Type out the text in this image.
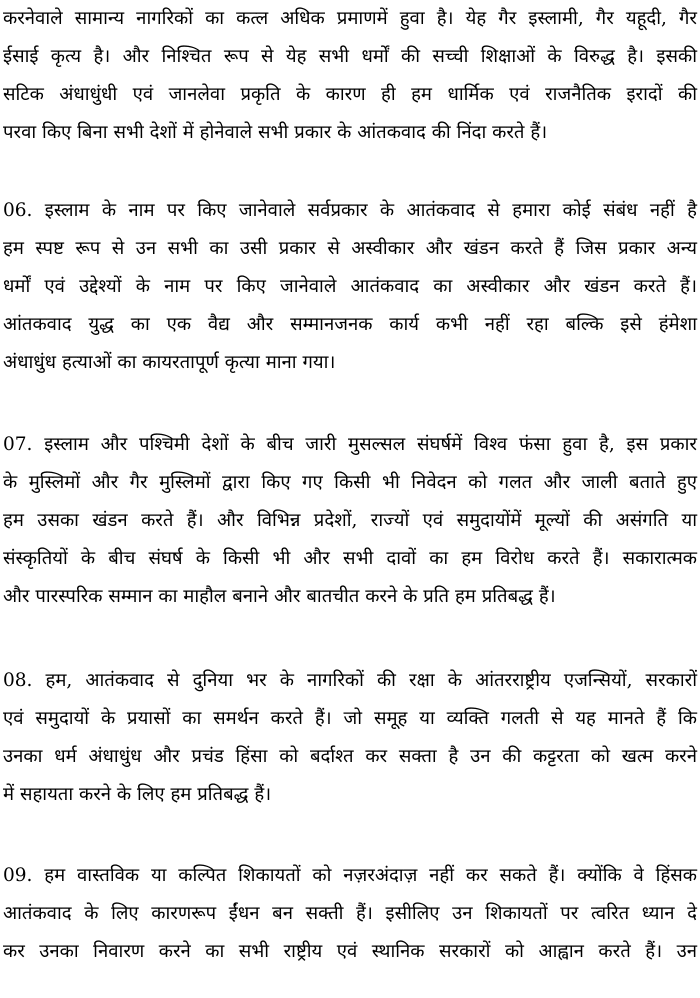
करनेवाले सामान्य नागरिकों का कत्ल अधिक प्रमाणमें हुवा है। येह गैर इस्लामी, गैर यहूदी, गैर
ईसाई कृत्य है। और निश्चित रूप से येह सभी धर्मों की सच्ची शिक्षाओं के विरुद्ध है। इसकी
सटिक अंधाधुंधी एवं जानलेवा प्रकृति के कारण ही हम धार्मिक एवं राजनैतिक इरादों की
परवा किए बिना सभी देशों में होनेवाले सभी प्रकार के आंतकवाद की निंदा करते हैं।
06. इस्लाम के नाम पर किए जानेवाले सर्वप्रकार के आतंकवाद से हमारा कोई संबंध नहीं है
हम स्पष्ट रूप से उन सभी का उसी प्रकार से अस्वीकार और खंडन करते हैं जिस प्रकार अन्य
धर्मों एवं उद्देश्यों के नाम पर किए जानेवाले आतंकवाद का अस्वीकार और खंडन करते हैं।
आंतकवाद युद्ध का एक वैद्य और सम्मानजनक कार्य कभी नहीं रहा बल्कि इसे हंमेशा
अंधाधुंध हत्याओं का कायरतापूर्ण कृत्या माना गया।
07. इस्लाम और पश्चिमी देशों के बीच जारी मुसल्सल संघर्षमें विश्व फंसा हुवा है, इस प्रकार
के मुस्लिमों और गैर मुस्लिमों द्वारा किए गए किसी भी निवेदन को गलत और जाली बताते हुए
हम उसका खंडन करते हैं। और विभिन्न प्रदेशों, राज्यों एवं समुदायोंमें मूल्यों की असंगति या
संस्कृतियों के बीच संघर्ष के किसी भी और सभी दावों का हम विरोध करते हैं। सकारात्मक
और पारस्परिक सम्मान का माहौल बनाने और बातचीत करने के प्रति हम प्रतिबद्ध हैं।
08. हम, आतंकवाद से दुनिया भर के नागरिकों की रक्षा के आंतरराष्ट्रीय एजन्सियों, सरकारों
एवं समुदायों के प्रयासों का समर्थन करते हैं। जो समूह या व्यक्ति गलती से यह मानते हैं कि
उनका धर्म अंधाधुंध और प्रचंड हिंसा को बर्दाश्त कर सक्ता है उन की कट्टरता को खत्म करने
में सहायता करने के लिए हम प्रतिबद्ध हैं।
09. हम वास्तविक या कल्पित शिकायतों को नज़रअंदाज़ नहीं कर सकते हैं। क्योंकि वे हिंसक
आतंकवाद के लिए कारणरूप ईंधन बन सक्ती हैं। इसीलिए उन शिकायतों पर त्वरित ध्यान दे
कर उनका निवारण करने का सभी राष्ट्रीय एवं स्थानिक सरकारों को आह्वान करते हैं। उन
